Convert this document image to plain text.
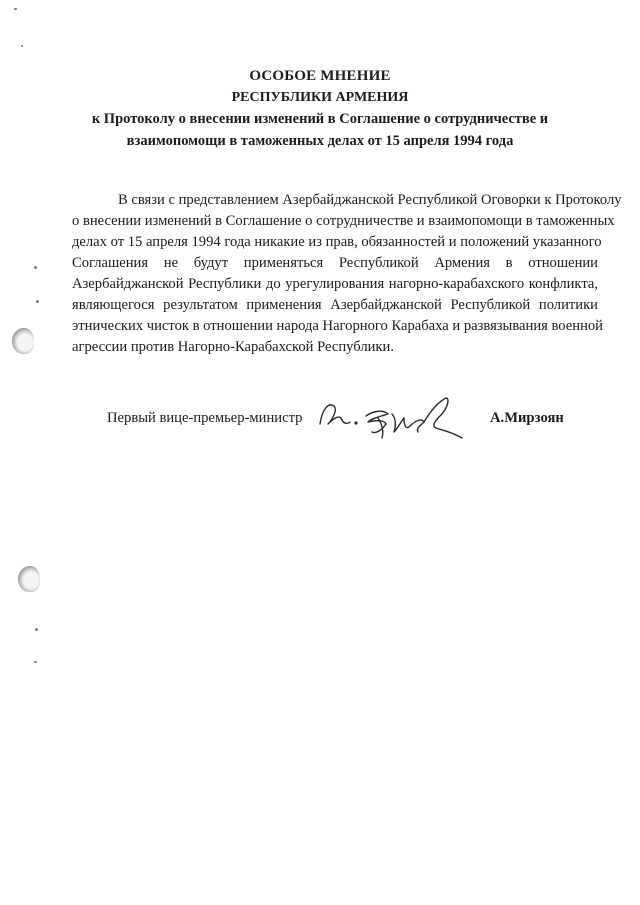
ОСОБОЕ МНЕНИЕ
РЕСПУБЛИКИ АРМЕНИЯ
к Протоколу о внесении изменений в Соглашение о сотрудничестве и
взаимопомощи в таможенных делах от 15 апреля 1994 года
В связи с представлением Азербайджанской Республикой Оговорки к Протоколу
о внесении изменений в Соглашение о сотрудничестве и взаимопомощи в таможенных
делах от 15 апреля 1994 года никакие из прав, обязанностей и положений указанного
Соглашения не будут применяться Республикой Армения в отношении
Азербайджанской Республики до урегулирования нагорно-карабахского конфликта,
являющегося результатом применения Азербайджанской Республикой политики
этнических чисток в отношении народа Нагорного Карабаха и развязывания военной
агрессии против Нагорно-Карабахской Республики.
Первый вице-премьер-министр	А.Мирзоян
